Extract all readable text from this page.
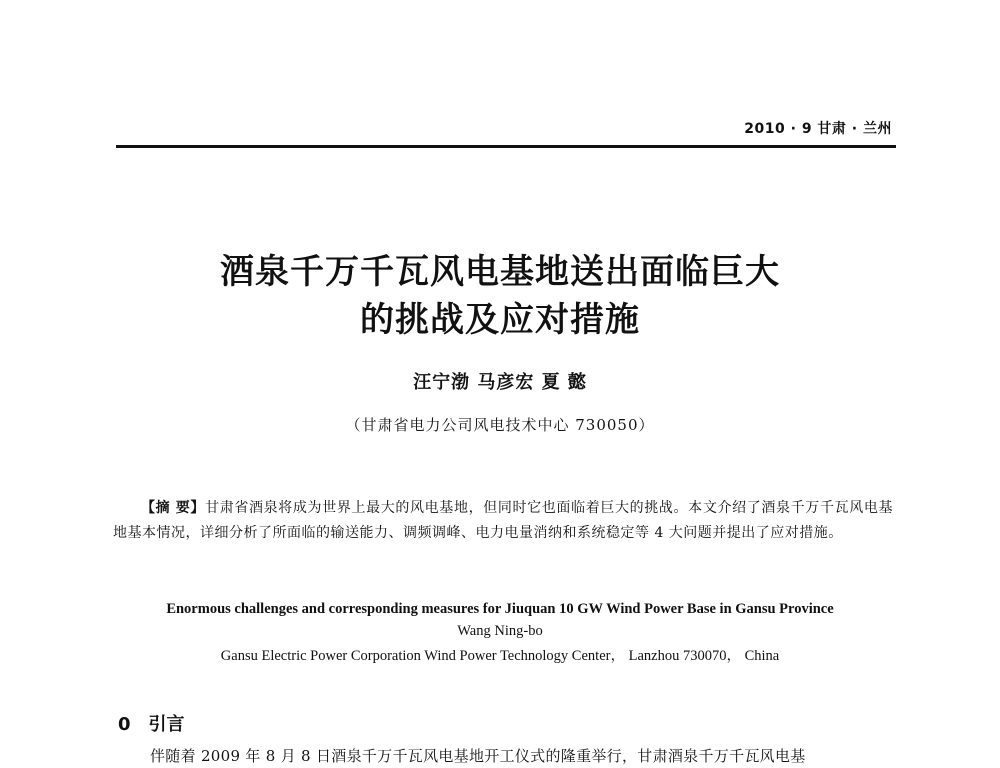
2010 · 9 甘肃 · 兰州
酒泉千万千瓦风电基地送出面临巨大
的挑战及应对措施
汪宁渤 马彦宏 夏 懿
（甘肃省电力公司风电技术中心 730050）
【摘 要】甘肃省酒泉将成为世界上最大的风电基地，但同时它也面临着巨大的挑战。本文介绍了酒泉千万千瓦风电基地基本情况，详细分析了所面临的输送能力、调频调峰、电力电量消纳和系统稳定等 4 大问题并提出了应对措施。
Enormous challenges and corresponding measures for Jiuquan 10 GW Wind Power Base in Gansu Province
Wang Ning-bo
Gansu Electric Power Corporation Wind Power Technology Center， Lanzhou 730070， China
0 引言
伴随着 2009 年 8 月 8 日酒泉千万千瓦风电基地开工仪式的隆重举行，甘肃酒泉千万千瓦风电基
